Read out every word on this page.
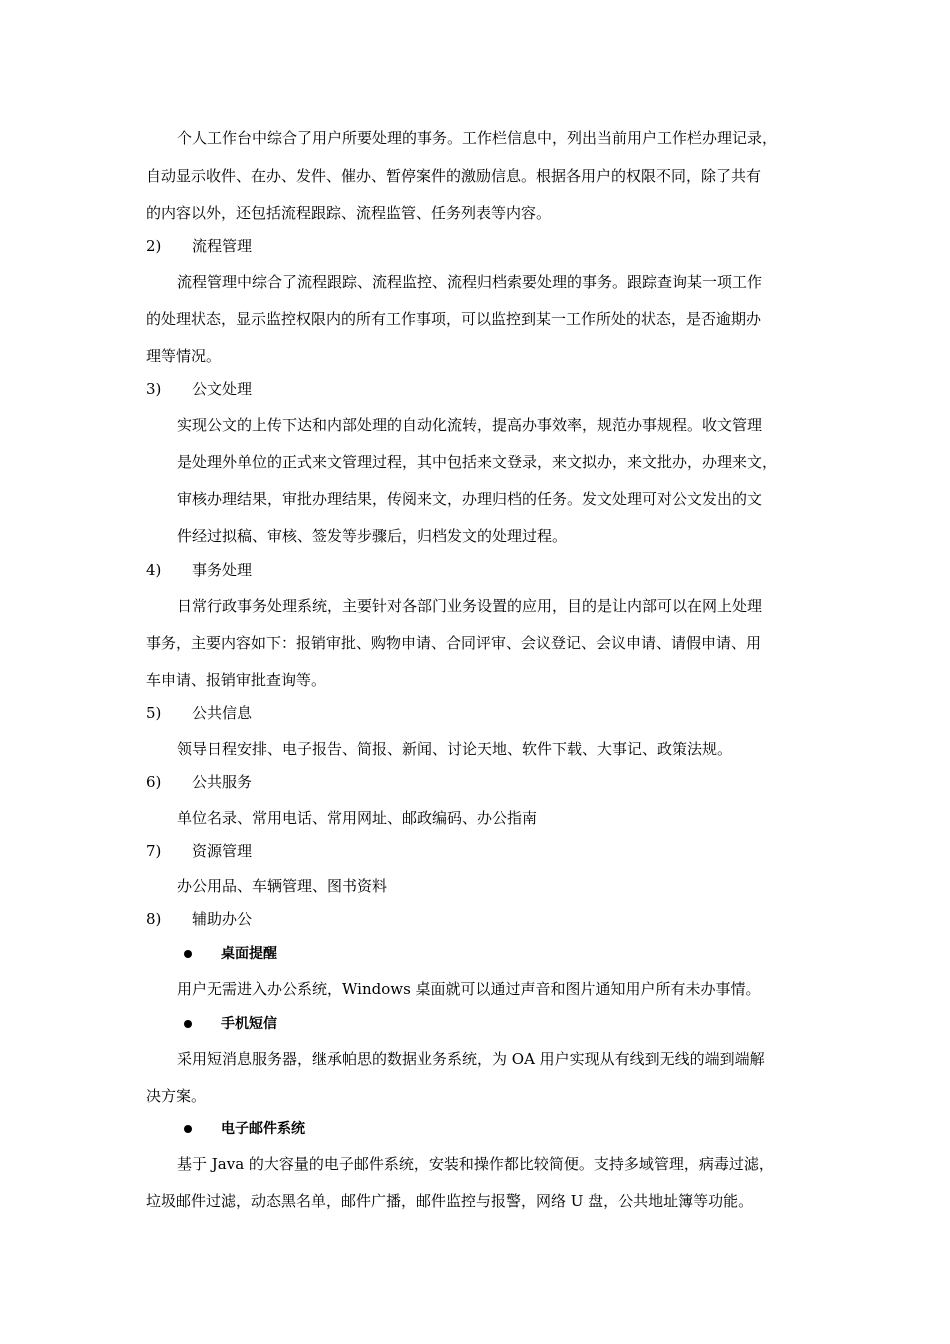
个人工作台中综合了用户所要处理的事务。工作栏信息中，列出当前用户工作栏办理记录，
自动显示收件、在办、发件、催办、暂停案件的激励信息。根据各用户的权限不同，除了共有
的内容以外，还包括流程跟踪、流程监管、任务列表等内容。
2) 流程管理
流程管理中综合了流程跟踪、流程监控、流程归档索要处理的事务。跟踪查询某一项工作
的处理状态，显示监控权限内的所有工作事项，可以监控到某一工作所处的状态，是否逾期办
理等情况。
3) 公文处理
实现公文的上传下达和内部处理的自动化流转，提高办事效率，规范办事规程。收文管理
是处理外单位的正式来文管理过程，其中包括来文登录，来文拟办，来文批办，办理来文，
审核办理结果，审批办理结果，传阅来文，办理归档的任务。发文处理可对公文发出的文
件经过拟稿、审核、签发等步骤后，归档发文的处理过程。
4) 事务处理
日常行政事务处理系统，主要针对各部门业务设置的应用，目的是让内部可以在网上处理
事务，主要内容如下：报销审批、购物申请、合同评审、会议登记、会议申请、请假申请、用
车申请、报销审批查询等。
5) 公共信息
领导日程安排、电子报告、简报、新闻、讨论天地、软件下载、大事记、政策法规。
6) 公共服务
单位名录、常用电话、常用网址、邮政编码、办公指南
7) 资源管理
办公用品、车辆管理、图书资料
8) 辅助办公
桌面提醒
用户无需进入办公系统，Windows 桌面就可以通过声音和图片通知用户所有未办事情。
手机短信
采用短消息服务器，继承帕思的数据业务系统，为 OA 用户实现从有线到无线的端到端解
决方案。
电子邮件系统
基于 Java 的大容量的电子邮件系统，安装和操作都比较简便。支持多域管理，病毒过滤，
垃圾邮件过滤，动态黑名单，邮件广播，邮件监控与报警，网络 U 盘，公共地址簿等功能。
